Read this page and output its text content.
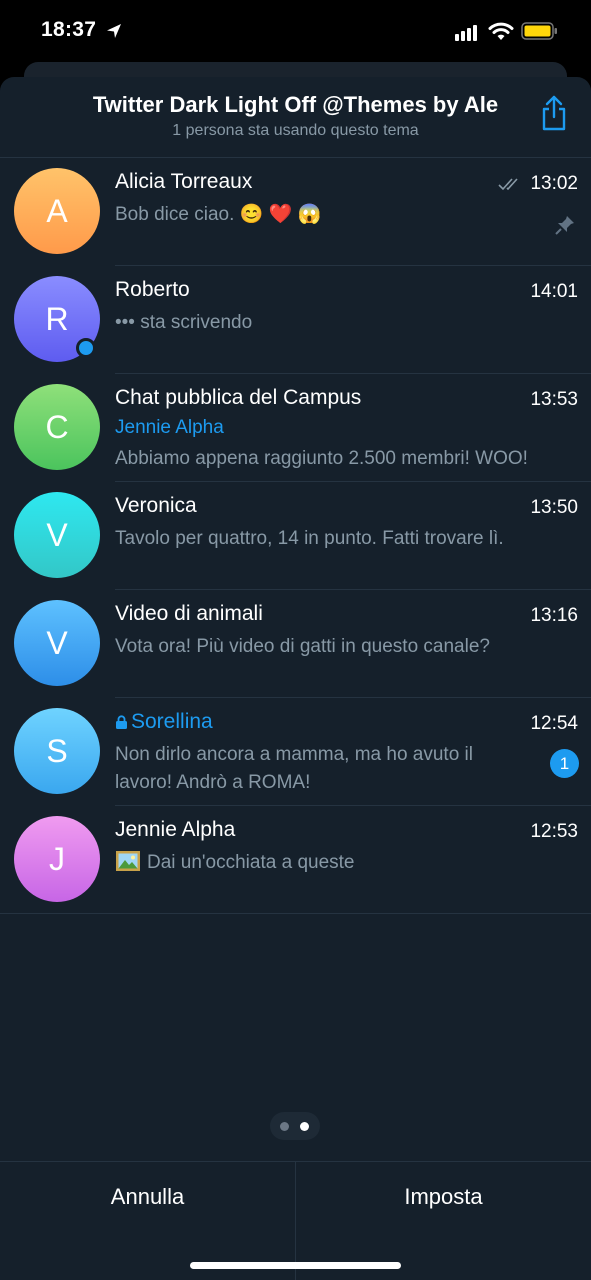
18:37
Twitter Dark Light Off @Themes by Ale
1 persona sta usando questo tema
A
Alicia Torreaux	13:02
Bob dice ciao. 😊 ❤️ 😱
R
Roberto	14:01
••• sta scrivendo
C
Chat pubblica del Campus	13:53
Jennie Alpha
Abbiamo appena raggiunto 2.500 membri! WOO!
V
Veronica	13:50
Tavolo per quattro, 14 in punto. Fatti trovare lì.
V
Video di animali	13:16
Vota ora! Più video di gatti in questo canale?
S
Sorellina	12:54
Non dirlo ancora a mamma, ma ho avuto il
lavoro! Andrò a ROMA!
1
J
Jennie Alpha	12:53
Dai un'occhiata a queste
Annulla	Imposta
